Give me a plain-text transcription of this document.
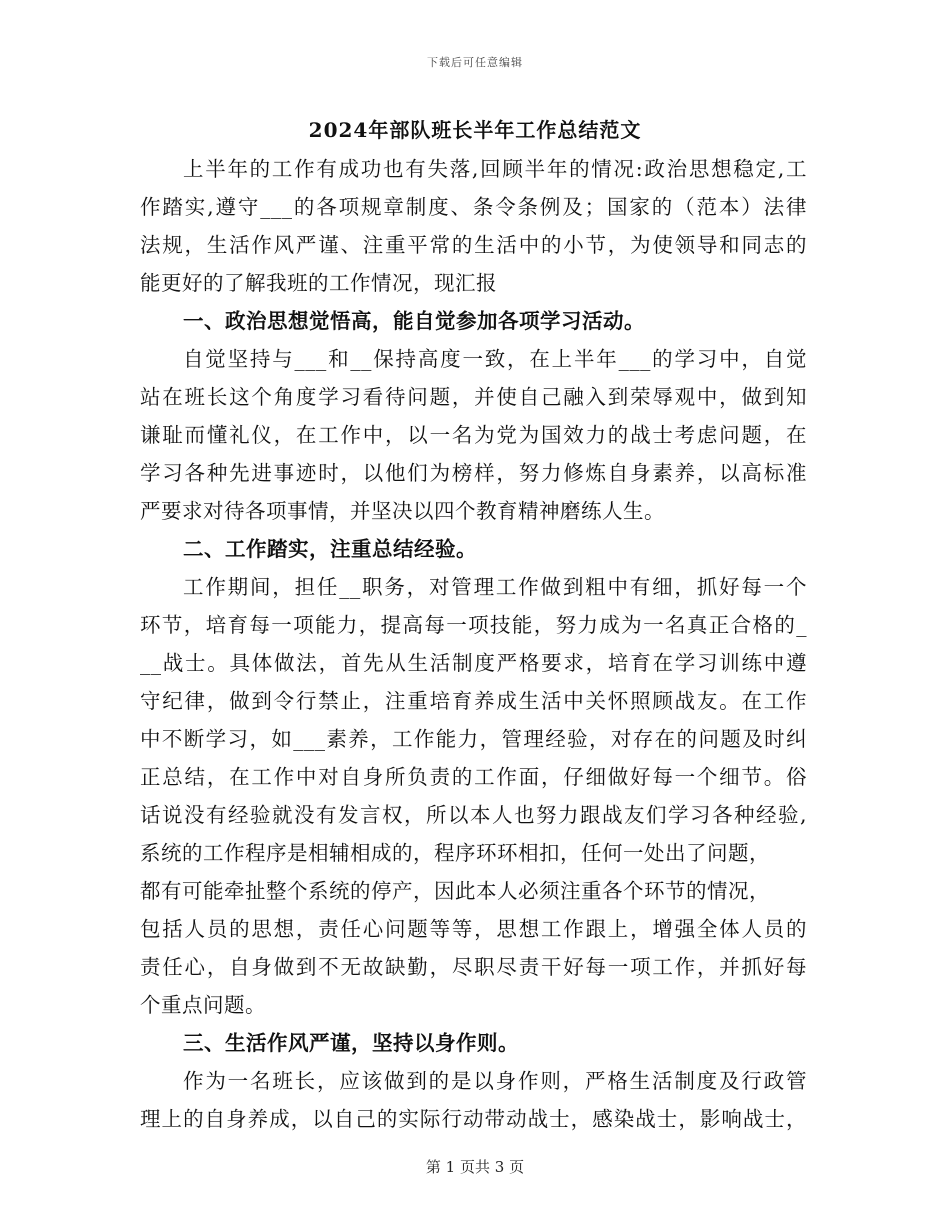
下载后可任意编辑
2024年部队班长半年工作总结范文
上半年的工作有成功也有失落,回顾半年的情况:政治思想稳定,工
作踏实,遵守___的各项规章制度、条令条例及；国家的（范本）法律
法规，生活作风严谨、注重平常的生活中的小节，为使领导和同志的
能更好的了解我班的工作情况，现汇报
一、政治思想觉悟高，能自觉参加各项学习活动。
自觉坚持与___和__保持高度一致，在上半年___的学习中，自觉
站在班长这个角度学习看待问题，并使自己融入到荣辱观中，做到知
谦耻而懂礼仪，在工作中，以一名为党为国效力的战士考虑问题，在
学习各种先进事迹时，以他们为榜样，努力修炼自身素养，以高标准
严要求对待各项事情，并坚决以四个教育精神磨练人生。
二、工作踏实，注重总结经验。
工作期间，担任__职务，对管理工作做到粗中有细，抓好每一个
环节，培育每一项能力，提高每一项技能，努力成为一名真正合格的_
__战士。具体做法，首先从生活制度严格要求，培育在学习训练中遵
守纪律，做到令行禁止，注重培育养成生活中关怀照顾战友。在工作
中不断学习，如___素养，工作能力，管理经验，对存在的问题及时纠
正总结，在工作中对自身所负责的工作面，仔细做好每一个细节。俗
话说没有经验就没有发言权，所以本人也努力跟战友们学习各种经验,
系统的工作程序是相辅相成的，程序环环相扣，任何一处出了问题，
都有可能牵扯整个系统的停产，因此本人必须注重各个环节的情况，
包括人员的思想，责任心问题等等，思想工作跟上，增强全体人员的
责任心，自身做到不无故缺勤，尽职尽责干好每一项工作，并抓好每
个重点问题。
三、生活作风严谨，坚持以身作则。
作为一名班长，应该做到的是以身作则，严格生活制度及行政管
理上的自身养成，以自己的实际行动带动战士，感染战士，影响战士，
第 1 页共 3 页
